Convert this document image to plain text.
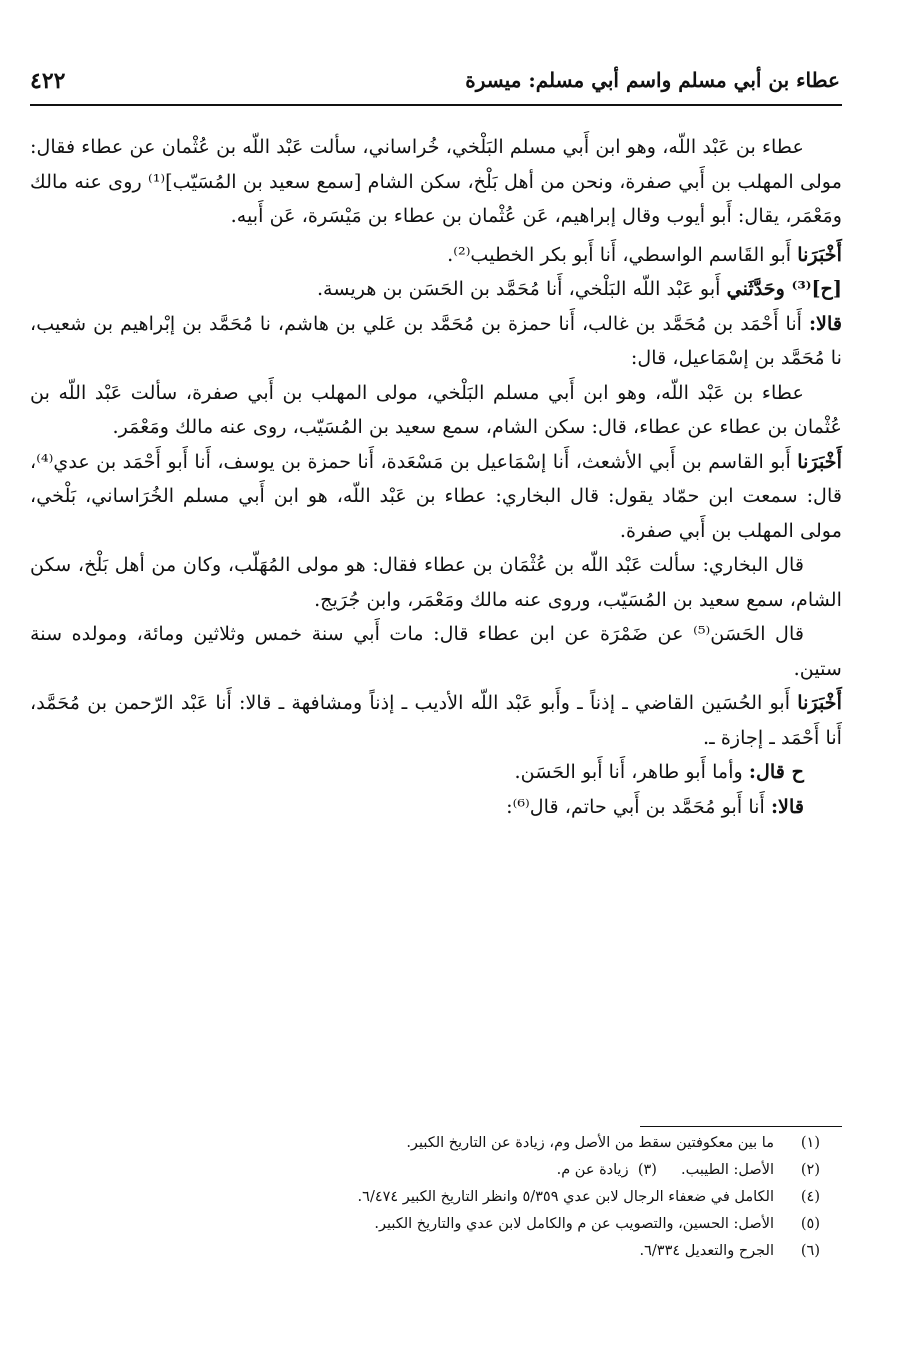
عطاء بن أبي مسلم واسم أبي مسلم: ميسرة
٤٢٢

عطاء بن عَبْد اللّه، وهو ابن أَبي مسلم البَلْخي، خُراساني، سألت عَبْد اللّه بن عُثْمان عن عطاء فقال: مولى المهلب بن أَبي صفرة، ونحن من أهل بَلْخ، سكن الشام [سمع سعيد بن المُسَيّب]⁽¹⁾ روى عنه مالك ومَعْمَر، يقال: أَبو أيوب وقال إبراهيم، عَن عُثْمان بن عطاء بن مَيْسَرة، عَن أَبيه.

أَخْبَرَنا أَبو القَاسم الواسطي، أَنا أَبو بكر الخطيب⁽²⁾.

[ح]⁽³⁾ وحَدَّثَني أَبو عَبْد اللّه البَلْخي، أَنا مُحَمَّد بن الحَسَن بن هريسة.

قالا: أَنا أَحْمَد بن مُحَمَّد بن غالب، أَنا حمزة بن مُحَمَّد بن عَلي بن هاشم، نا مُحَمَّد بن إبْراهيم بن شعيب، نا مُحَمَّد بن إسْمَاعيل، قال:

عطاء بن عَبْد اللّه، وهو ابن أَبي مسلم البَلْخي، مولى المهلب بن أَبي صفرة، سألت عَبْد اللّه بن عُثْمان بن عطاء عن عطاء، قال: سكن الشام، سمع سعيد بن المُسَيّب، روى عنه مالك ومَعْمَر.

أَخْبَرَنا أَبو القاسم بن أَبي الأشعث، أَنا إسْمَاعيل بن مَسْعَدة، أَنا حمزة بن يوسف، أَنا أَبو أَحْمَد بن عدي⁽⁴⁾، قال: سمعت ابن حمّاد يقول: قال البخاري: عطاء بن عَبْد اللّه، هو ابن أَبي مسلم الخُرَاساني، بَلْخي، مولى المهلب بن أَبي صفرة.

قال البخاري: سألت عَبْد اللّه بن عُثْمَان بن عطاء فقال: هو مولى المُهَلّب، وكان من أهل بَلْخ، سكن الشام، سمع سعيد بن المُسَيّب، وروى عنه مالك ومَعْمَر، وابن جُرَيج.

قال الحَسَن⁽⁵⁾ عن ضَمْرَة عن ابن عطاء قال: مات أَبي سنة خمس وثلاثين ومائة، ومولده سنة ستين.

أَخْبَرَنا أَبو الحُسَين القاضي ـ إذناً ـ وأَبو عَبْد اللّه الأديب ـ إذناً ومشافهة ـ قالا: أَنا عَبْد الرّحمن بن مُحَمَّد، أَنا أَحْمَد ـ إجازة ـ.

ح قال: وأما أَبو طاهر، أَنا أَبو الحَسَن.

قالا: أَنا أَبو مُحَمَّد بن أَبي حاتم، قال⁽⁶⁾:

(١)ما بين معكوفتين سقط من الأصل وم، زيادة عن التاريخ الكبير.
(٢)الأصل: الطيبب.(٣)  زيادة عن م.
(٤)الكامل في ضعفاء الرجال لابن عدي ٥/٣٥٩ وانظر التاريخ الكبير ٦/٤٧٤.
(٥)الأصل: الحسين، والتصويب عن م والكامل لابن عدي والتاريخ الكبير.
(٦)الجرح والتعديل ٦/٣٣٤.
